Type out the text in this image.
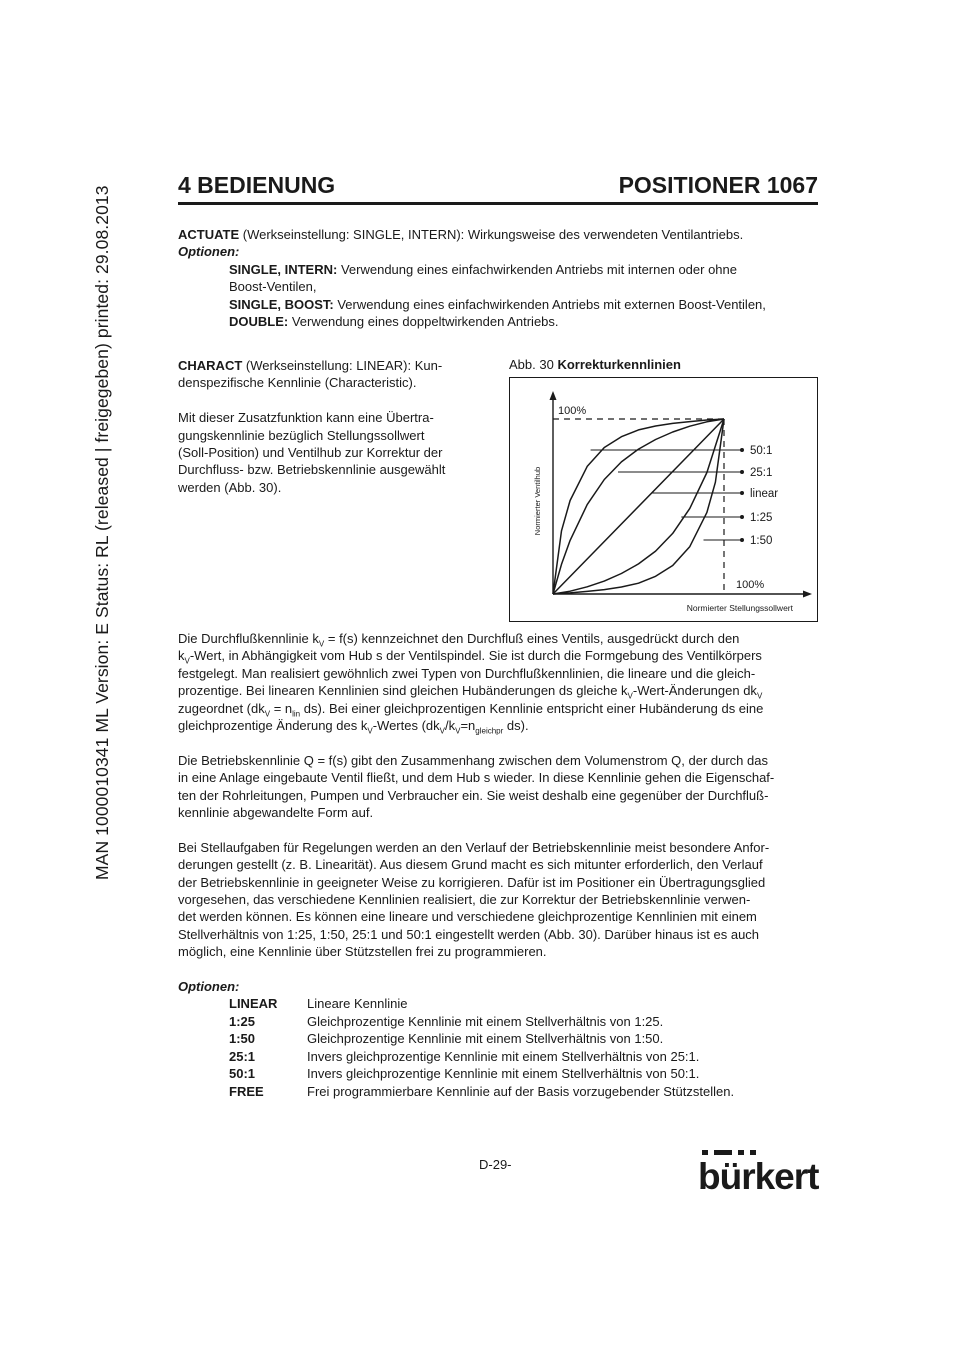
MAN 1000010341 ML Version: E Status: RL (released | freigegeben) printed: 29.08.2013
4 BEDIENUNG	POSITIONER 1067
ACTUATE (Werkseinstellung: SINGLE, INTERN): Wirkungsweise des verwendeten Ventilantriebs.
Optionen:
SINGLE, INTERN: Verwendung eines einfachwirkenden Antriebs mit internen oder ohne
Boost-Ventilen,
SINGLE, BOOST: Verwendung eines einfachwirkenden Antriebs mit externen Boost-Ventilen,
DOUBLE: Verwendung eines doppeltwirkenden Antriebs.
CHARACT (Werkseinstellung: LINEAR): Kun-
denspezifische Kennlinie (Characteristic).
Mit dieser Zusatzfunktion kann eine Übertra-
gungskennlinie bezüglich Stellungssollwert
(Soll-Position) und Ventilhub zur Korrektur der
Durchfluss- bzw. Betriebskennlinie ausgewählt
werden (Abb. 30).
Abb. 30 Korrekturkennlinien
50:1
25:1
linear
1:25
1:50
100%
100%
Normierter Ventilhub
Normierter Stellungssollwert
Die Durchflußkennlinie $k_V = f(s)$ kennzeichnet den Durchfluß eines Ventils, ausgedrückt durch den
$k_V$-Wert, in Abhängigkeit vom Hub s der Ventilspindel. Sie ist durch die Formgebung des Ventilkörpers
festgelegt. Man realisiert gewöhnlich zwei Typen von Durchflußkennlinien, die lineare und die gleich-
prozentige. Bei linearen Kennlinien sind gleichen Hubänderungen ds gleiche $k_V-Wert$-Änderungen $dk_V$
zugeordnet ($dk_V = n_{lin}$ ds). Bei einer gleichprozentigen Kennlinie entspricht einer Hubänderung ds eine
gleichprozentige Änderung des $k_V$-Wertes ($dk_V/k_V=n_{gleichpr}$ ds).
Die Betriebskennlinie Q = f(s) gibt den Zusammenhang zwischen dem Volumenstrom Q, der durch das
in eine Anlage eingebaute Ventil fließt, und dem Hub s wieder. In diese Kennlinie gehen die Eigenschaf-
ten der Rohrleitungen, Pumpen und Verbraucher ein. Sie weist deshalb eine gegenüber der Durchfluß-
kennlinie abgewandelte Form auf.
Bei Stellaufgaben für Regelungen werden an den Verlauf der Betriebskennlinie meist besondere Anfor-
derungen gestellt (z. B. Linearität). Aus diesem Grund macht es sich mitunter erforderlich, den Verlauf
der Betriebskennlinie in geeigneter Weise zu korrigieren. Dafür ist im Positioner ein Übertragungsglied
vorgesehen, das verschiedene Kennlinien realisiert, die zur Korrektur der Betriebskennlinie verwen-
det werden können. Es können eine lineare und verschiedene gleichprozentige Kennlinien mit einem
Stellverhältnis von 1:25, 1:50, 25:1 und 50:1 eingestellt werden (Abb. 30). Darüber hinaus ist es auch
möglich, eine Kennlinie über Stützstellen frei zu programmieren.
Optionen:
LINEAR	Lineare Kennlinie
1:25	Gleichprozentige Kennlinie mit einem Stellverhältnis von 1:25.
1:50	Gleichprozentige Kennlinie mit einem Stellverhältnis von 1:50.
25:1	Invers gleichprozentige Kennlinie mit einem Stellverhältnis von 25:1.
50:1	Invers gleichprozentige Kennlinie mit einem Stellverhältnis von 50:1.
FREE	Frei programmierbare Kennlinie auf der Basis vorzugebender Stützstellen.
D-29-	bürkert
